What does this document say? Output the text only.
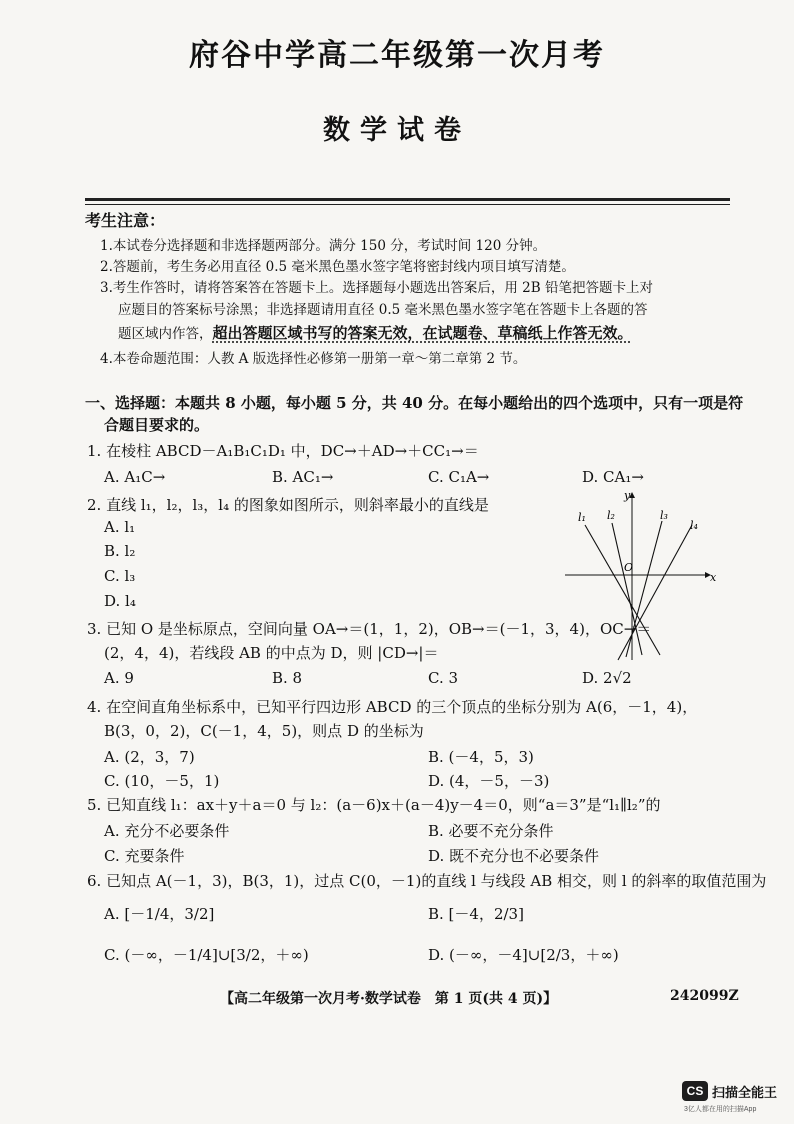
府谷中学高二年级第一次月考
数学试卷
考生注意：
1.本试卷分选择题和非选择题两部分。满分 150 分，考试时间 120 分钟。
2.答题前，考生务必用直径 0.5 毫米黑色墨水签字笔将密封线内项目填写清楚。
3.考生作答时，请将答案答在答题卡上。选择题每小题选出答案后，用 2B 铅笔把答题卡上对
应题目的答案标号涂黑；非选择题请用直径 0.5 毫米黑色墨水签字笔在答题卡上各题的答
题区域内作答，超出答题区域书写的答案无效，在试题卷、草稿纸上作答无效。
4.本卷命题范围：人教 A 版选择性必修第一册第一章～第二章第 2 节。
一、选择题：本题共 8 小题，每小题 5 分，共 40 分。在每小题给出的四个选项中，只有一项是符
合题目要求的。
1. 在棱柱 ABCD－A₁B₁C₁D₁ 中，DC→＋AD→＋CC₁→＝
A. A₁C→	B. AC₁→	C. C₁A→	D. CA₁→
2. 直线 l₁，l₂，l₃，l₄ 的图象如图所示，则斜率最小的直线是
A. l₁
B. l₂
C. l₃
D. l₄
l₁ l₂	l₃
l₄
O
x
y
3. 已知 O 是坐标原点，空间向量 OA→＝(1，1，2)，OB→＝(－1，3，4)，OC→＝
(2，4，4)，若线段 AB 的中点为 D，则 |CD→|＝
A. 9	B. 8	C. 3	D. 2√2
4. 在空间直角坐标系中，已知平行四边形 ABCD 的三个顶点的坐标分别为 A(6，－1，4)，
B(3，0，2)，C(－1，4，5)，则点 D 的坐标为
A. (2，3，7)	B. (－4，5，3)
C. (10，－5，1)	D. (4，－5，－3)
5. 已知直线 l₁：ax＋y＋a＝0 与 l₂：(a－6)x＋(a－4)y－4＝0，则“a＝3”是“l₁∥l₂”的
A. 充分不必要条件	B. 必要不充分条件
C. 充要条件	D. 既不充分也不必要条件
6. 已知点 A(－1，3)，B(3，1)，过点 C(0，－1)的直线 l 与线段 AB 相交，则 l 的斜率的取值范围为
A. [－1/4，3/2]	B. [－4，2/3]
C. (－∞，－1/4]∪[3/2，＋∞)	D. (－∞，－4]∪[2/3，＋∞)
【高二年级第一次月考·数学试卷　第 1 页(共 4 页)】	242099Z
CS 扫描全能王
3亿人都在用的扫描App
